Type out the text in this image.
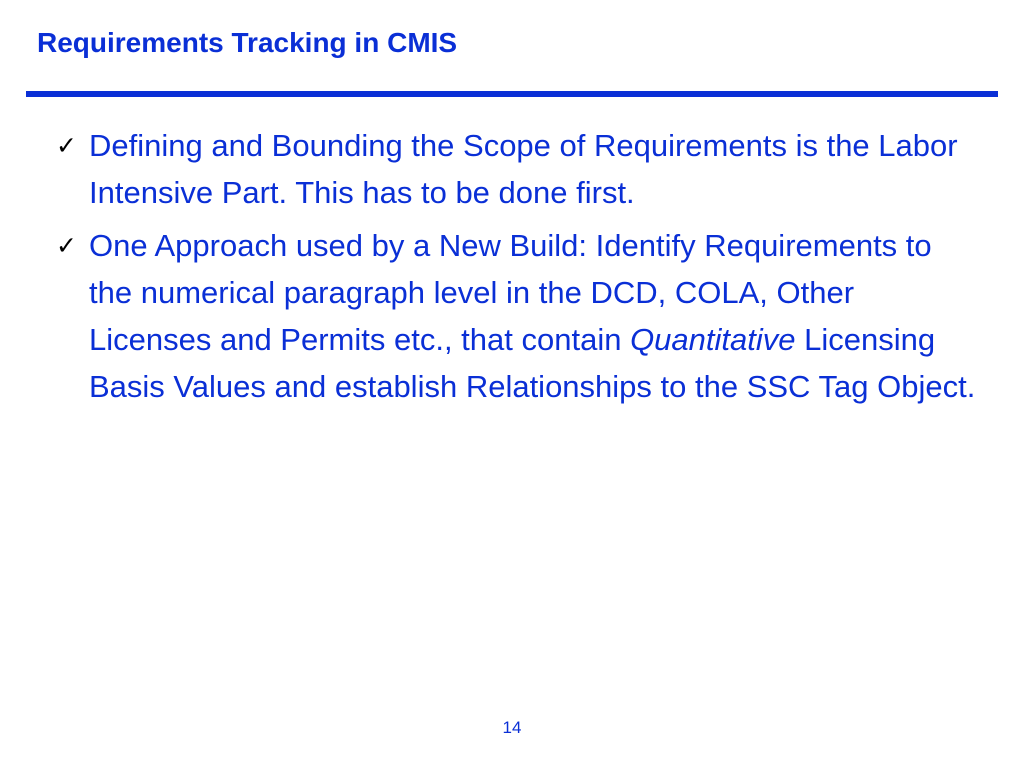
Requirements Tracking in CMIS
✓ Defining and Bounding the Scope of Requirements is the Labor Intensive Part. This has to be done first.
✓ One Approach used by a New Build: Identify Requirements to the numerical paragraph level in the DCD, COLA, Other Licenses and Permits etc., that contain Quantitative Licensing Basis Values and establish Relationships to the SSC Tag Object.
14
